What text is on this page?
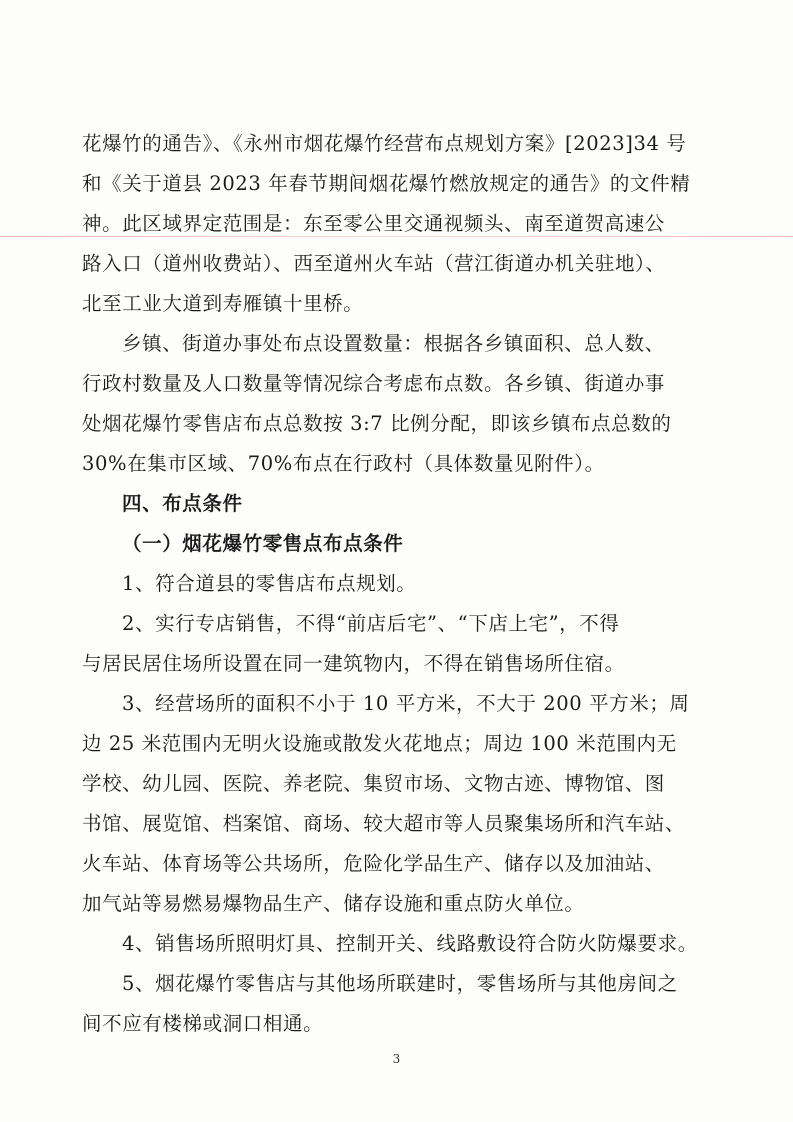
花爆竹的通告》、《永州市烟花爆竹经营布点规划方案》[2023]34 号
和《关于道县 2023 年春节期间烟花爆竹燃放规定的通告》的文件精
神。此区域界定范围是：东至零公里交通视频头、南至道贺高速公
路入口（道州收费站）、西至道州火车站（营江街道办机关驻地）、
北至工业大道到寿雁镇十里桥。
乡镇、街道办事处布点设置数量：根据各乡镇面积、总人数、
行政村数量及人口数量等情况综合考虑布点数。各乡镇、街道办事
处烟花爆竹零售店布点总数按 3:7 比例分配，即该乡镇布点总数的
30%在集市区域、70%布点在行政村（具体数量见附件）。
四、布点条件
（一）烟花爆竹零售点布点条件
1、符合道县的零售店布点规划。
2、实行专店销售，不得“前店后宅”、“下店上宅”，不得
与居民居住场所设置在同一建筑物内，不得在销售场所住宿。
3、经营场所的面积不小于 10 平方米，不大于 200 平方米；周
边 25 米范围内无明火设施或散发火花地点；周边 100 米范围内无
学校、幼儿园、医院、养老院、集贸市场、文物古迹、博物馆、图
书馆、展览馆、档案馆、商场、较大超市等人员聚集场所和汽车站、
火车站、体育场等公共场所，危险化学品生产、储存以及加油站、
加气站等易燃易爆物品生产、储存设施和重点防火单位。
4、销售场所照明灯具、控制开关、线路敷设符合防火防爆要求。
5、烟花爆竹零售店与其他场所联建时，零售场所与其他房间之
间不应有楼梯或洞口相通。
3
